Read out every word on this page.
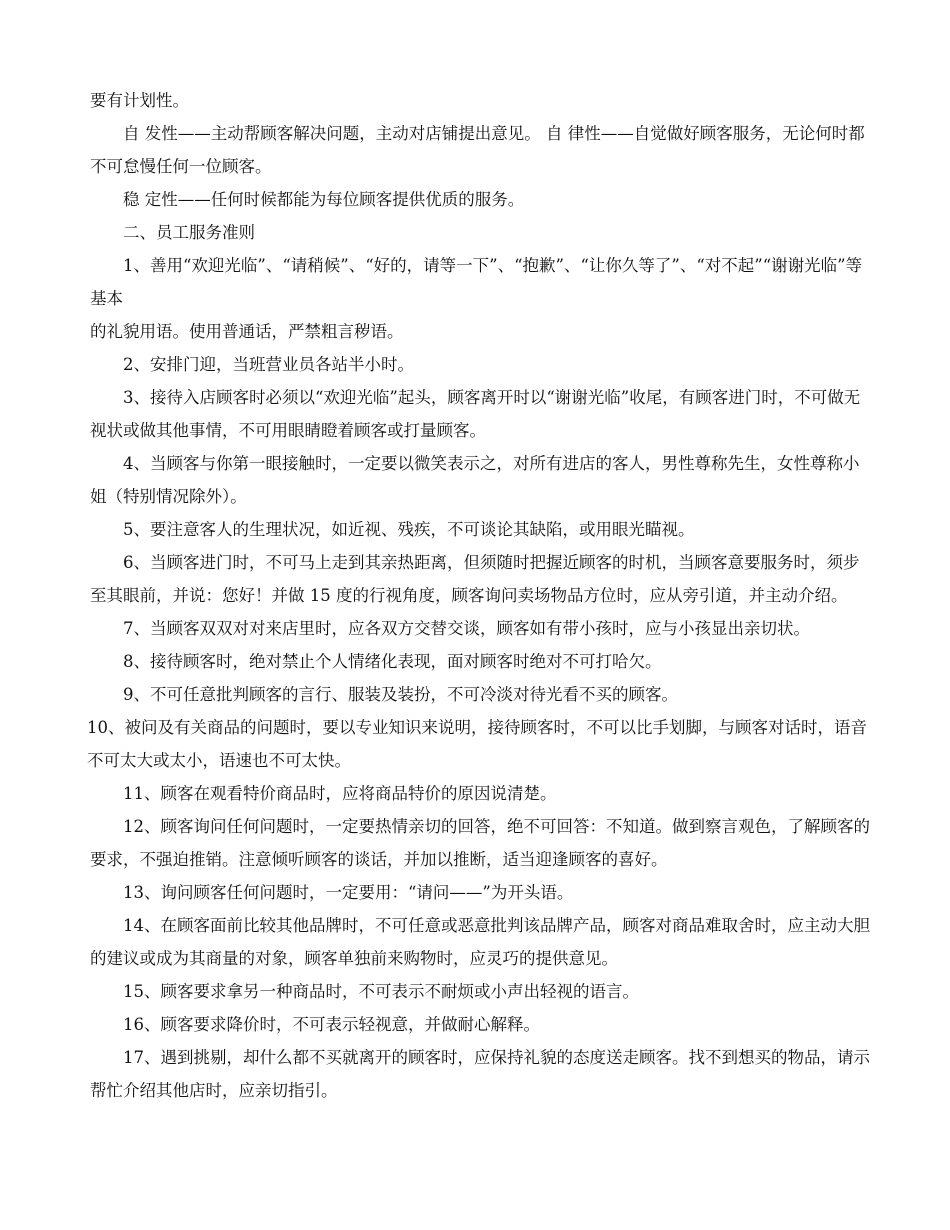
要有计划性。

自 发性——主动帮顾客解决问题，主动对店铺提出意见。 自 律性——自觉做好顾客服务，无论何时都不可怠慢任何一位顾客。

稳 定性——任何时候都能为每位顾客提供优质的服务。

二、员工服务准则

1、善用“欢迎光临”、“请稍候”、“好的，请等一下”、“抱歉”、“让你久等了”、“对不起”“谢谢光临”等基本

的礼貌用语。使用普通话，严禁粗言秽语。

2、安排门迎，当班营业员各站半小时。

3、接待入店顾客时必须以“欢迎光临”起头，顾客离开时以“谢谢光临”收尾，有顾客进门时，不可做无视状或做其他事情，不可用眼睛瞪着顾客或打量顾客。

4、当顾客与你第一眼接触时，一定要以微笑表示之，对所有进店的客人，男性尊称先生，女性尊称小姐（特别情况除外）。

5、要注意客人的生理状况，如近视、残疾，不可谈论其缺陷，或用眼光瞄视。

6、当顾客进门时，不可马上走到其亲热距离，但须随时把握近顾客的时机，当顾客意要服务时，须步至其眼前，并说：您好！并做 15 度的行视角度，顾客询问卖场物品方位时，应从旁引道，并主动介绍。

7、当顾客双双对对来店里时，应各双方交替交谈，顾客如有带小孩时，应与小孩显出亲切状。

8、接待顾客时，绝对禁止个人情绪化表现，面对顾客时绝对不可打哈欠。

9、不可任意批判顾客的言行、服装及装扮，不可冷淡对待光看不买的顾客。

10、被问及有关商品的问题时，要以专业知识来说明，接待顾客时，不可以比手划脚，与顾客对话时，语音不可太大或太小，语速也不可太快。

11、顾客在观看特价商品时，应将商品特价的原因说清楚。

12、顾客询问任何问题时，一定要热情亲切的回答，绝不可回答：不知道。做到察言观色，了解顾客的要求，不强迫推销。注意倾听顾客的谈话，并加以推断，适当迎逢顾客的喜好。

13、询问顾客任何问题时，一定要用：“请问——”为开头语。

14、在顾客面前比较其他品牌时，不可任意或恶意批判该品牌产品，顾客对商品难取舍时，应主动大胆的建议或成为其商量的对象，顾客单独前来购物时，应灵巧的提供意见。

15、顾客要求拿另一种商品时，不可表示不耐烦或小声出轻视的语言。

16、顾客要求降价时，不可表示轻视意，并做耐心解释。

17、遇到挑剔，却什么都不买就离开的顾客时，应保持礼貌的态度送走顾客。找不到想买的物品，请示帮忙介绍其他店时，应亲切指引。
